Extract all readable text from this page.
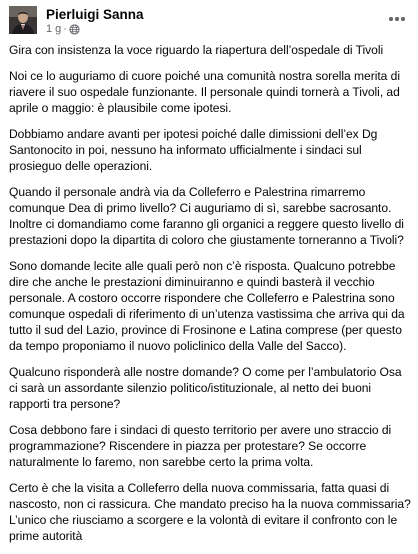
Pierluigi Sanna
1 g ·

Gira con insistenza la voce riguardo la riapertura dell’ospedale di Tivoli

Noi ce lo auguriamo di cuore poiché una comunità nostra sorella merita di riavere il suo ospedale funzionante. Il personale quindi tornerà a Tivoli, ad aprile o maggio: è plausibile come ipotesi.

Dobbiamo andare avanti per ipotesi poiché dalle dimissioni dell’ex Dg Santonocito in poi, nessuno ha informato ufficialmente i sindaci sul prosieguo delle operazioni.

Quando il personale andrà via da Colleferro e Palestrina rimarremo comunque Dea di primo livello? Ci auguriamo di sì, sarebbe sacrosanto. Inoltre ci domandiamo come faranno gli organici a reggere questo livello di prestazioni dopo la dipartita di coloro che giustamente torneranno a Tivoli?

Sono domande lecite alle quali però non c’è risposta. Qualcuno potrebbe dire che anche le prestazioni diminuiranno e quindi basterà il vecchio personale. A costoro occorre rispondere che Colleferro e Palestrina sono comunque ospedali di riferimento di un’utenza vastissima che arriva qui da tutto il sud del Lazio, province di Frosinone e Latina comprese (per questo da tempo proponiamo il nuovo policlinico della Valle del Sacco).

Qualcuno risponderà alle nostre domande? O come per l’ambulatorio Osa ci sarà un assordante silenzio politico/istituzionale, al netto dei buoni rapporti tra persone?

Cosa debbono fare i sindaci di questo territorio per avere uno straccio di programmazione? Riscendere in piazza per protestare? Se occorre naturalmente lo faremo, non sarebbe certo la prima volta.

Certo è che la visita a Colleferro della nuova commissaria, fatta quasi di nascosto, non ci rassicura. Che mandato preciso ha la nuova commissaria? L’unico che riusciamo a scorgere e la volontà di evitare il confronto con le prime autorità
